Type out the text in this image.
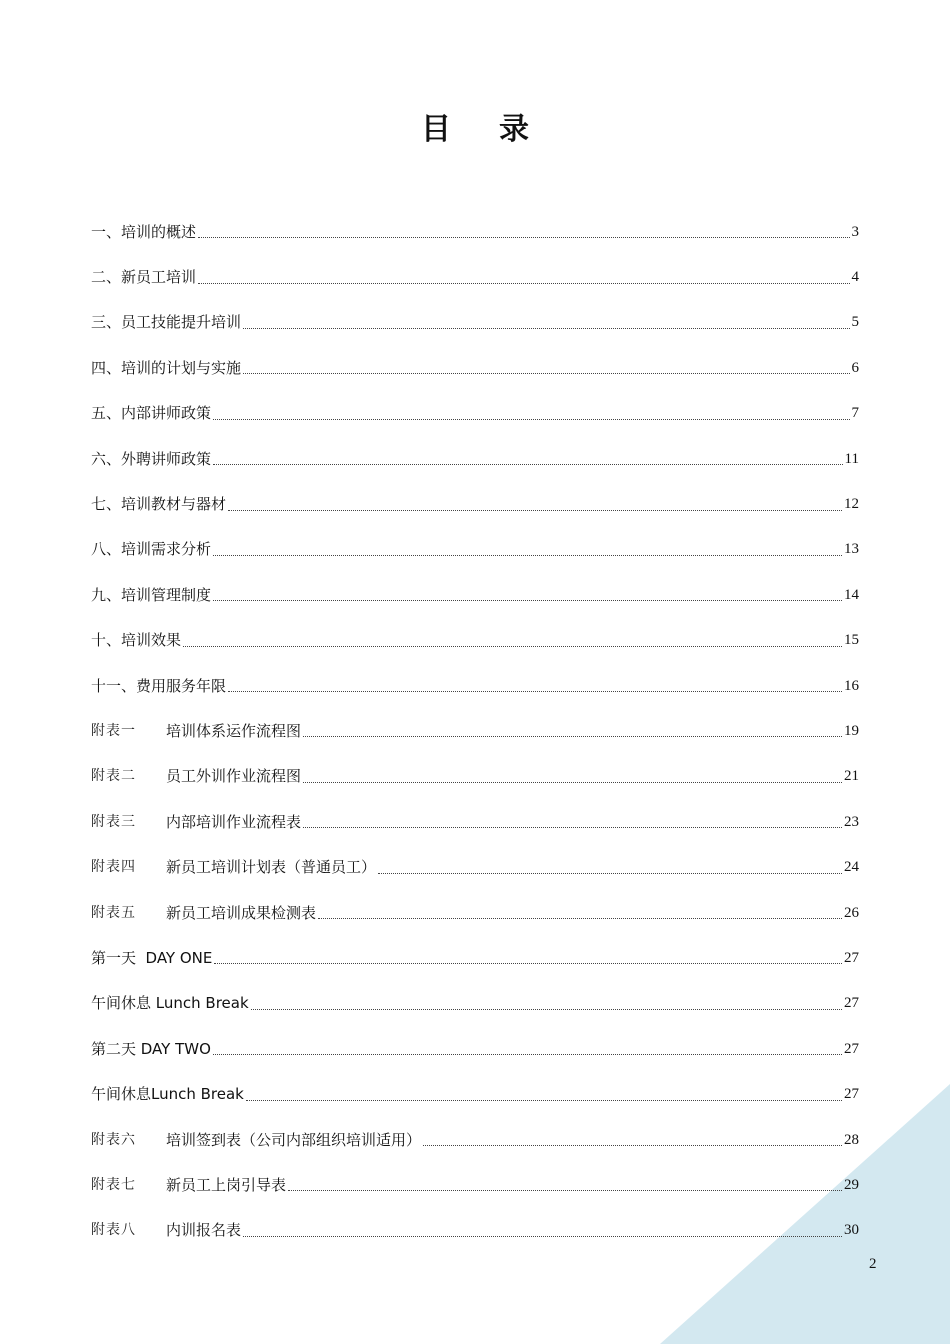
目录
一、培训的概述	3
二、新员工培训	4
三、员工技能提升培训	5
四、培训的计划与实施	6
五、内部讲师政策	7
六、外聘讲师政策	11
七、培训教材与器材	12
八、培训需求分析	13
九、培训管理制度	14
十、培训效果	15
十一、费用服务年限	16
附表一	培训体系运作流程图	19
附表二	员工外训作业流程图	21
附表三	内部培训作业流程表	23
附表四	新员工培训计划表（普通员工）	24
附表五	新员工培训成果检测表	26
第一天  DAY ONE	27
午间休息 Lunch Break	27
第二天 DAY TWO	27
午间休息Lunch Break	27
附表六	培训签到表（公司内部组织培训适用）	28
附表七	新员工上岗引导表	29
附表八	内训报名表	30
2
